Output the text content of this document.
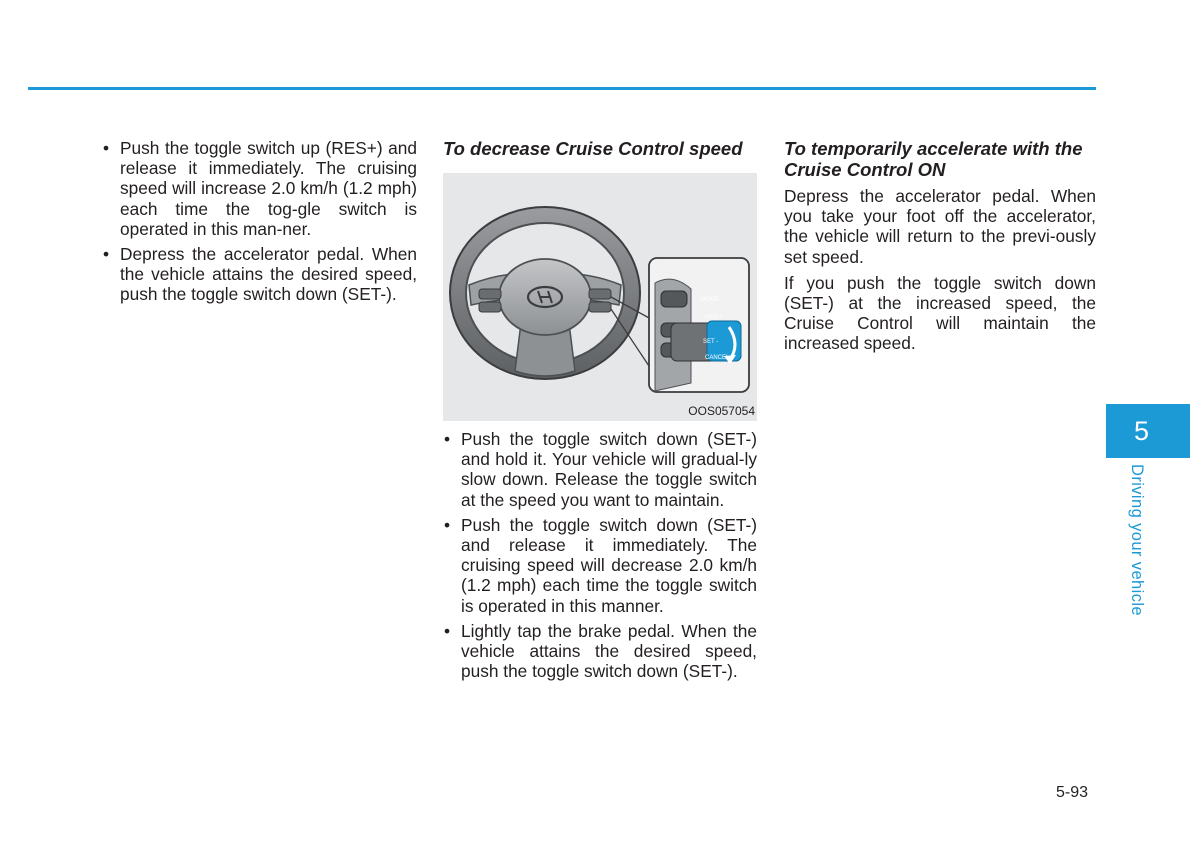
• Push the toggle switch up (RES+) and release it immediately. The cruising speed will increase 2.0 km/h (1.2 mph) each time the tog-gle switch is operated in this man-ner.
• Depress the accelerator pedal. When the vehicle attains the desired speed, push the toggle switch down (SET-).
To decrease Cruise Control speed
MODE
RES +
SET -
CANCEL
OOS057054
• Push the toggle switch down (SET-) and hold it. Your vehicle will gradual-ly slow down. Release the toggle switch at the speed you want to maintain.
• Push the toggle switch down (SET-) and release it immediately. The cruising speed will decrease 2.0 km/h (1.2 mph) each time the toggle switch is operated in this manner.
• Lightly tap the brake pedal. When the vehicle attains the desired speed, push the toggle switch down (SET-).
To temporarily accelerate with the Cruise Control ON

Depress the accelerator pedal. When you take your foot off the accelerator, the vehicle will return to the previ-ously set speed.

If you push the toggle switch down (SET-) at the increased speed, the Cruise Control will maintain the increased speed.

5
Driving your vehicle
5-93
